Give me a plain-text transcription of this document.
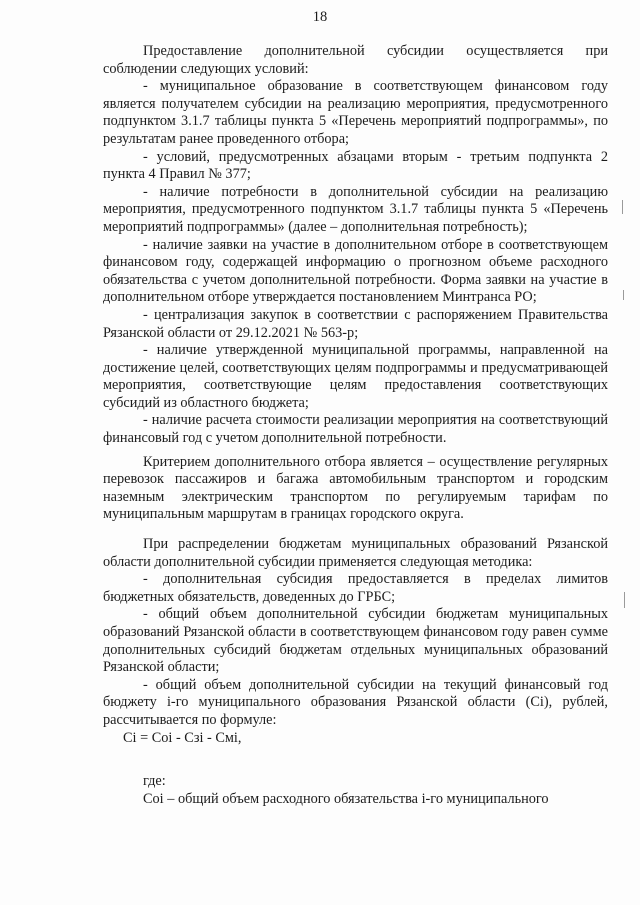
18

Предоставление дополнительной субсидии осуществляется при соблюдении следующих условий:

- муниципальное образование в соответствующем финансовом году является получателем субсидии на реализацию мероприятия, предусмотренного подпунктом 3.1.7 таблицы пункта 5 «Перечень мероприятий подпрограммы», по результатам ранее проведенного отбора;

- условий, предусмотренных абзацами вторым - третьим подпункта 2 пункта 4 Правил № 377;

- наличие потребности в дополнительной субсидии на реализацию мероприятия, предусмотренного подпунктом 3.1.7 таблицы пункта 5 «Перечень мероприятий подпрограммы» (далее – дополнительная потребность);

- наличие заявки на участие в дополнительном отборе в соответствующем финансовом году, содержащей информацию о прогнозном объеме расходного обязательства с учетом дополнительной потребности. Форма заявки на участие в дополнительном отборе утверждается постановлением Минтранса РО;

- централизация закупок в соответствии с распоряжением Правительства Рязанской области от 29.12.2021 № 563-р;

- наличие утвержденной муниципальной программы, направленной на достижение целей, соответствующих целям подпрограммы и предусматривающей мероприятия, соответствующие целям предоставления соответствующих субсидий из областного бюджета;

- наличие расчета стоимости реализации мероприятия на соответствующий финансовый год с учетом дополнительной потребности.

Критерием дополнительного отбора является – осуществление регулярных перевозок пассажиров и багажа автомобильным транспортом и городским наземным электрическим транспортом по регулируемым тарифам по муниципальным маршрутам в границах городского округа.

При распределении бюджетам муниципальных образований Рязанской области дополнительной субсидии применяется следующая методика:

- дополнительная субсидия предоставляется в пределах лимитов бюджетных обязательств, доведенных до ГРБС;

- общий объем дополнительной субсидии бюджетам муниципальных образований Рязанской области в соответствующем финансовом году равен сумме дополнительных субсидий бюджетам отдельных муниципальных образований Рязанской области;

- общий объем дополнительной субсидии на текущий финансовый год бюджету i-го муниципального образования Рязанской области (Ci), рублей, рассчитывается по формуле:

Ci = Coi - Сзi - Смi,

где:

Coi – общий объем расходного обязательства i-го муниципального
